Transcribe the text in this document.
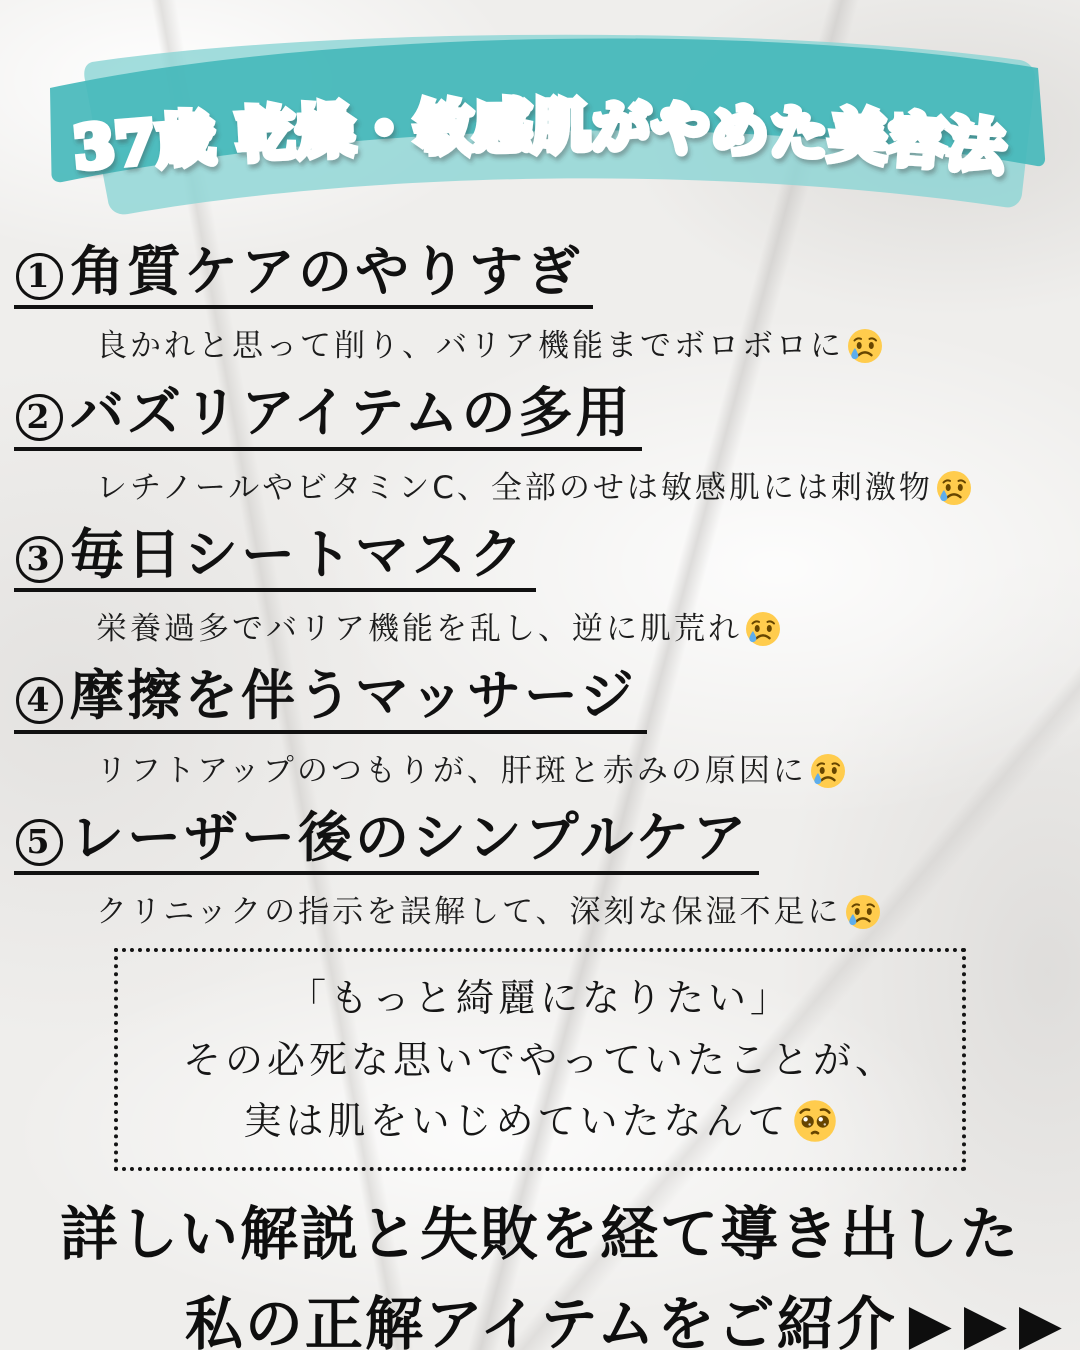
37歳 乾燥・敏感肌がやめた美容法
1 角質ケアのやりすぎ

良かれと思って削り、バリア機能までボロボロに

2 バズリアイテムの多用

レチノールやビタミンC、全部のせは敏感肌には刺激物

3 毎日シートマスク

栄養過多でバリア機能を乱し、逆に肌荒れ

4 摩擦を伴うマッサージ

リフトアップのつもりが、肝斑と赤みの原因に

5 レーザー後のシンプルケア

クリニックの指示を誤解して、深刻な保湿不足に

「もっと綺麗になりたい」
その必死な思いでやっていたことが、
実は肌をいじめていたなんて
詳しい解説と失敗を経て導き出した
私の正解アイテムをご紹介 ▶▶▶
